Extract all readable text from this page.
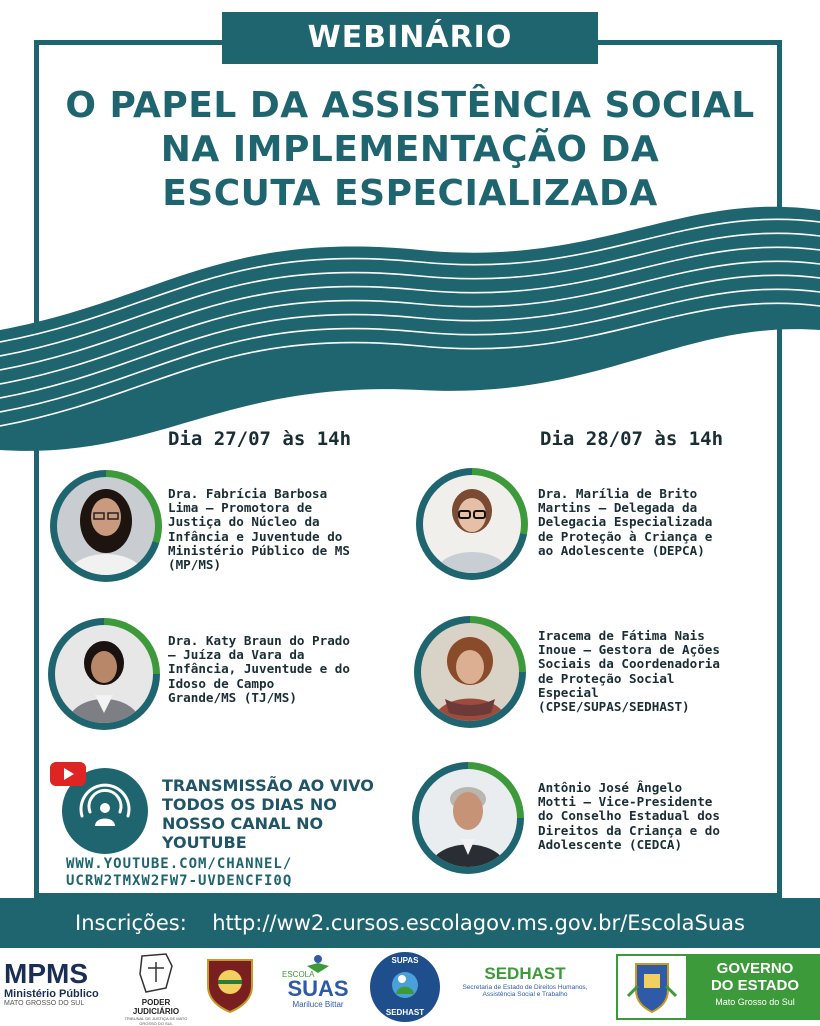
WEBINÁRIO
O PAPEL DA ASSISTÊNCIA SOCIAL
NA IMPLEMENTAÇÃO DA
ESCUTA ESPECIALIZADA
Dia 27/07 às 14h	Dia 28/07 às 14h
Dra. Fabrícia Barbosa
Lima – Promotora de
Justiça do Núcleo da
Infância e Juventude do
Ministério Público de MS
(MP/MS)
Dra. Katy Braun do Prado
– Juíza da Vara da
Infância, Juventude e do
Idoso de Campo
Grande/MS (TJ/MS)
Dra. Marília de Brito
Martins – Delegada da
Delegacia Especializada
de Proteção à Criança e
ao Adolescente (DEPCA)
Iracema de Fátima Nais
Inoue – Gestora de Ações
Sociais da Coordenadoria
de Proteção Social
Especial
(CPSE/SUPAS/SEDHAST)
Antônio José Ângelo
Motti – Vice-Presidente
do Conselho Estadual dos
Direitos da Criança e do
Adolescente (CEDCA)
TRANSMISSÃO AO VIVO
TODOS OS DIAS NO
NOSSO CANAL NO
YOUTUBE
WWW.YOUTUBE.COM/CHANNEL/
UCRW2TMXW2FW7-UVDENCFI0Q
Inscrições: http://ww2.cursos.escolagov.ms.gov.br/EscolaSuas
MPMS
Ministério Público
MATO GROSSO DO SUL	PODER JUDICIÁRIO
TRIBUNAL DE JUSTIÇA DE MATO GROSSO DO SUL
ESCOLA
SUAS
Mariluce Bittar
SUPAS
SEDHAST
SEDHAST
Secretaria de Estado de Direitos Humanos,
Assistência Social e Trabalho
GOVERNO
DO ESTADO
Mato Grosso do Sul
